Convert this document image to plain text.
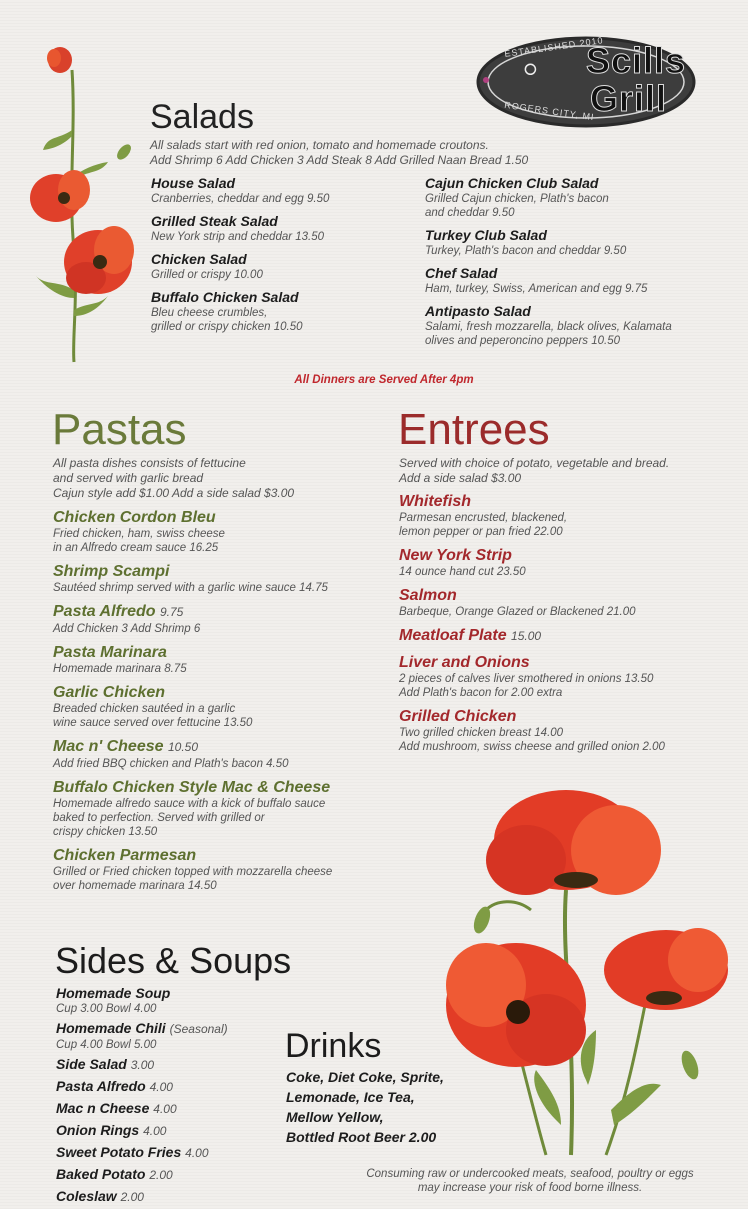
ESTABLISHED 2010
ROGERS CITY, MI
⭘ Scills
Grill
Salads
All salads start with red onion, tomato and homemade croutons.
Add Shrimp 6 Add Chicken 3 Add Steak 8 Add Grilled Naan Bread 1.50
House Salad
Cranberries, cheddar and egg 9.50
Grilled Steak Salad
New York strip and cheddar 13.50
Chicken Salad
Grilled or crispy 10.00
Buffalo Chicken Salad
Bleu cheese crumbles,
grilled or crispy chicken 10.50
Cajun Chicken Club Salad
Grilled Cajun chicken, Plath's bacon
and cheddar 9.50
Turkey Club Salad
Turkey, Plath's bacon and cheddar 9.50
Chef Salad
Ham, turkey, Swiss, American and egg 9.75
Antipasto Salad
Salami, fresh mozzarella, black olives, Kalamata
olives and peperoncino peppers 10.50
All Dinners are Served After 4pm
Pastas
All pasta dishes consists of fettucine
and served with garlic bread
Cajun style add $1.00 Add a side salad $3.00
Chicken Cordon Bleu
Fried chicken, ham, swiss cheese
in an Alfredo cream sauce 16.25
Shrimp Scampi
Sautéed shrimp served with a garlic wine sauce 14.75
Pasta Alfredo 9.75
Add Chicken 3 Add Shrimp 6
Pasta Marinara
Homemade marinara 8.75
Garlic Chicken
Breaded chicken sautéed in a garlic
wine sauce served over fettucine 13.50
Mac n' Cheese 10.50
Add fried BBQ chicken and Plath's bacon 4.50
Buffalo Chicken Style Mac & Cheese
Homemade alfredo sauce with a kick of buffalo sauce
baked to perfection. Served with grilled or
crispy chicken 13.50
Chicken Parmesan
Grilled or Fried chicken topped with mozzarella cheese
over homemade marinara 14.50
Entrees
Served with choice of potato, vegetable and bread.
Add a side salad $3.00
Whitefish
Parmesan encrusted, blackened,
lemon pepper or pan fried 22.00
New York Strip
14 ounce hand cut 23.50
Salmon
Barbeque, Orange Glazed or Blackened 21.00
Meatloaf Plate 15.00
Liver and Onions
2 pieces of calves liver smothered in onions 13.50
Add Plath's bacon for 2.00 extra
Grilled Chicken
Two grilled chicken breast 14.00
Add mushroom, swiss cheese and grilled onion 2.00
Sides & Soups
Homemade Soup
Cup 3.00 Bowl 4.00
Homemade Chili (Seasonal)
Cup 4.00 Bowl 5.00
Side Salad 3.00
Pasta Alfredo 4.00
Mac n Cheese 4.00
Onion Rings 4.00
Sweet Potato Fries 4.00
Baked Potato 2.00
Coleslaw 2.00
Drinks
Coke, Diet Coke, Sprite,
Lemonade, Ice Tea,
Mellow Yellow,
Bottled Root Beer 2.00
Consuming raw or undercooked meats, seafood, poultry or eggs
may increase your risk of food borne illness.
